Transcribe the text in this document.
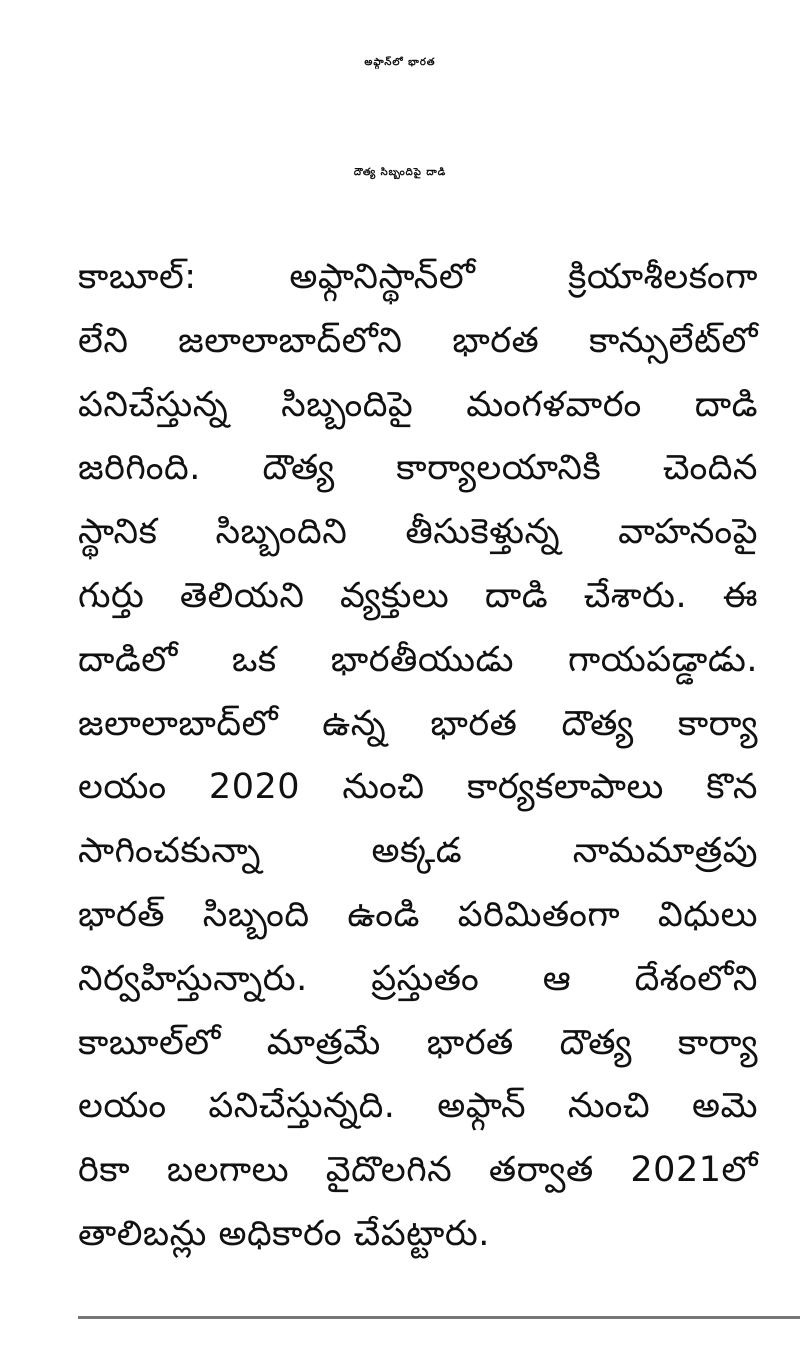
అఫ్గాన్‌లో భారత
దౌత్య సిబ్బందిపై దాడి
కాబూల్: అఫ్గానిస్థాన్‌లో క్రియాశీలకంగా
లేని జలాలాబాద్‌లోని భారత కాన్సులేట్‌లో
పనిచేస్తున్న సిబ్బందిపై మంగళవారం దాడి
జరిగింది. దౌత్య కార్యాలయానికి చెందిన
స్థానిక సిబ్బందిని తీసుకెళ్తున్న వాహనంపై
గుర్తు తెలియని వ్యక్తులు దాడి చేశారు. ఈ
దాడిలో ఒక భారతీయుడు గాయపడ్డాడు.
జలాలాబాద్‌లో ఉన్న భారత దౌత్య కార్యా
లయం 2020 నుంచి కార్యకలాపాలు కొన
సాగించకున్నా అక్కడ నామమాత్రపు
భారత్ సిబ్బంది ఉండి పరిమితంగా విధులు
నిర్వహిస్తున్నారు. ప్రస్తుతం ఆ దేశంలోని
కాబూల్‌లో మాత్రమే భారత దౌత్య కార్యా
లయం పనిచేస్తున్నది. అఫ్గాన్ నుంచి అమె
రికా బలగాలు వైదొలగిన తర్వాత 2021లో
తాలిబన్లు అధికారం చేపట్టారు.
